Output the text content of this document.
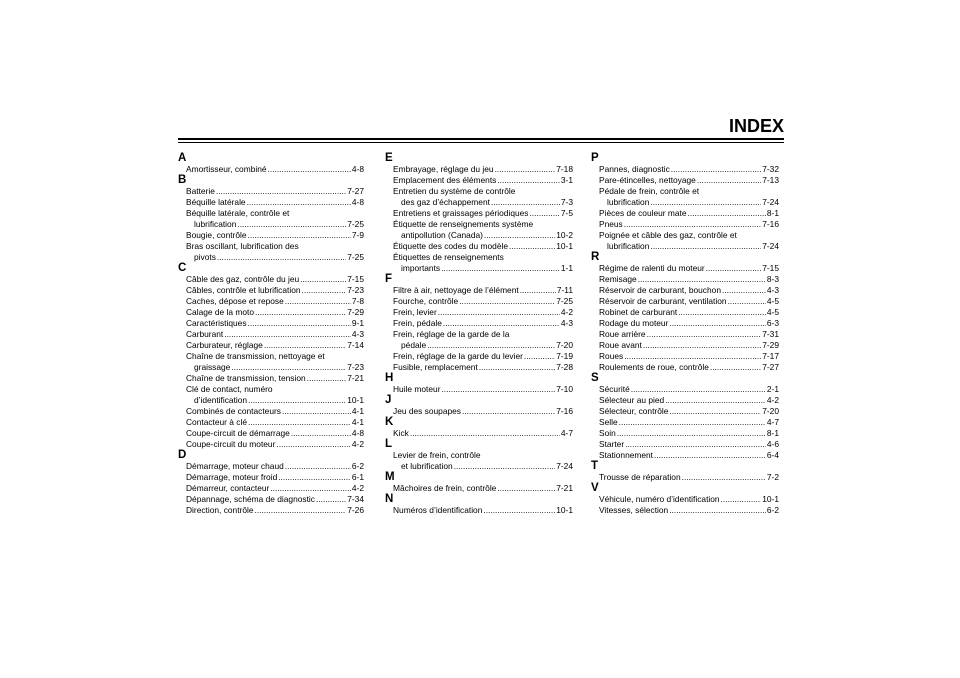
INDEX
A
Amortisseur, combiné .....	4-8
B
Batterie .....	7-27
Béquille latérale .....	4-8
Béquille latérale, contrôle et
lubrification .....	7-25
Bougie, contrôle .....	7-9
Bras oscillant, lubrification des
pivots .....	7-25
C
Câble des gaz, contrôle du jeu .....	7-15
Câbles, contrôle et lubrification .....	7-23
Caches, dépose et repose .....	7-8
Calage de la moto .....	7-29
Caractéristiques .....	9-1
Carburant .....	4-3
Carburateur, réglage .....	7-14
Chaîne de transmission, nettoyage et
graissage .....	7-23
Chaîne de transmission, tension .....	7-21
Clé de contact, numéro
d’identification .....	10-1
Combinés de contacteurs .....	4-1
Contacteur à clé .....	4-1
Coupe-circuit de démarrage .....	4-8
Coupe-circuit du moteur .....	4-2
D
Démarrage, moteur chaud .....	6-2
Démarrage, moteur froid .....	6-1
Démarreur, contacteur .....	4-2
Dépannage, schéma de diagnostic .....	7-34
Direction, contrôle .....	7-26
E
Embrayage, réglage du jeu .....	7-18
Emplacement des éléments .....	3-1
Entretien du système de contrôle
des gaz d’échappement .....	7-3
Entretiens et graissages périodiques .....	7-5
Étiquette de renseignements système
antipollution (Canada) .....	10-2
Étiquette des codes du modèle .....	10-1
Étiquettes de renseignements
importants .....	1-1
F
Filtre à air, nettoyage de l’élément .....	7-11
Fourche, contrôle .....	7-25
Frein, levier .....	4-2
Frein, pédale .....	4-3
Frein, réglage de la garde de la
pédale .....	7-20
Frein, réglage de la garde du levier .....	7-19
Fusible, remplacement .....	7-28
H
Huile moteur .....	7-10
J
Jeu des soupapes .....	7-16
K
Kick .....	4-7
L
Levier de frein, contrôle
et lubrification .....	7-24
M
Mâchoires de frein, contrôle .....	7-21
N
Numéros d’identification .....	10-1
P
Pannes, diagnostic .....	7-32
Pare-étincelles, nettoyage .....	7-13
Pédale de frein, contrôle et
lubrification .....	7-24
Pièces de couleur mate .....	8-1
Pneus .....	7-16
Poignée et câble des gaz, contrôle et
lubrification .....	7-24
R
Régime de ralenti du moteur .....	7-15
Remisage .....	8-3
Réservoir de carburant, bouchon .....	4-3
Réservoir de carburant, ventilation .....	4-5
Robinet de carburant .....	4-5
Rodage du moteur .....	6-3
Roue arrière .....	7-31
Roue avant .....	7-29
Roues .....	7-17
Roulements de roue, contrôle .....	7-27
S
Sécurité .....	2-1
Sélecteur au pied .....	4-2
Sélecteur, contrôle .....	7-20
Selle .....	4-7
Soin .....	8-1
Starter .....	4-6
Stationnement .....	6-4
T
Trousse de réparation .....	7-2
V
Véhicule, numéro d’identification .....	10-1
Vitesses, sélection .....	6-2
